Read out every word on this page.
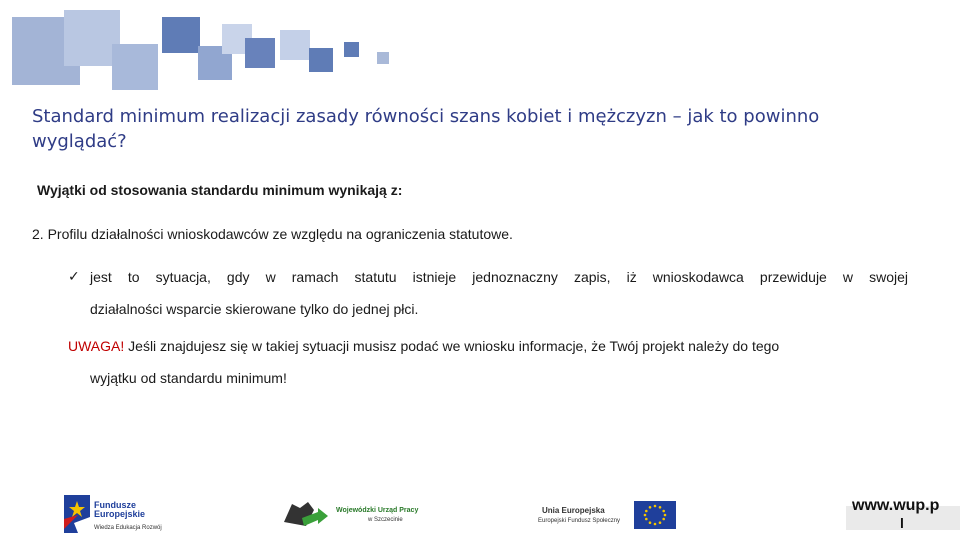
Standard minimum realizacji zasady równości szans kobiet i mężczyzn – jak to powinno wyglądać?
Wyjątki od stosowania standardu minimum wynikają z:
2. Profilu działalności wnioskodawców ze względu na ograniczenia statutowe.
✓ jest to sytuacja, gdy w ramach statutu istnieje jednoznaczny zapis, iż wnioskodawca przewiduje w swojej
działalności wsparcie skierowane tylko do jednej płci.
UWAGA! Jeśli znajdujesz się w takiej sytuacji musisz podać we wniosku informacje, że Twój projekt należy do tego
wyjątku od standardu minimum!
Fundusze
Europejskie
Wiedza Edukacja Rozwój
Wojewódzki Urząd Pracy
w Szczecinie
Unia Europejska
Europejski Fundusz Społeczny
www.wup.p
l
